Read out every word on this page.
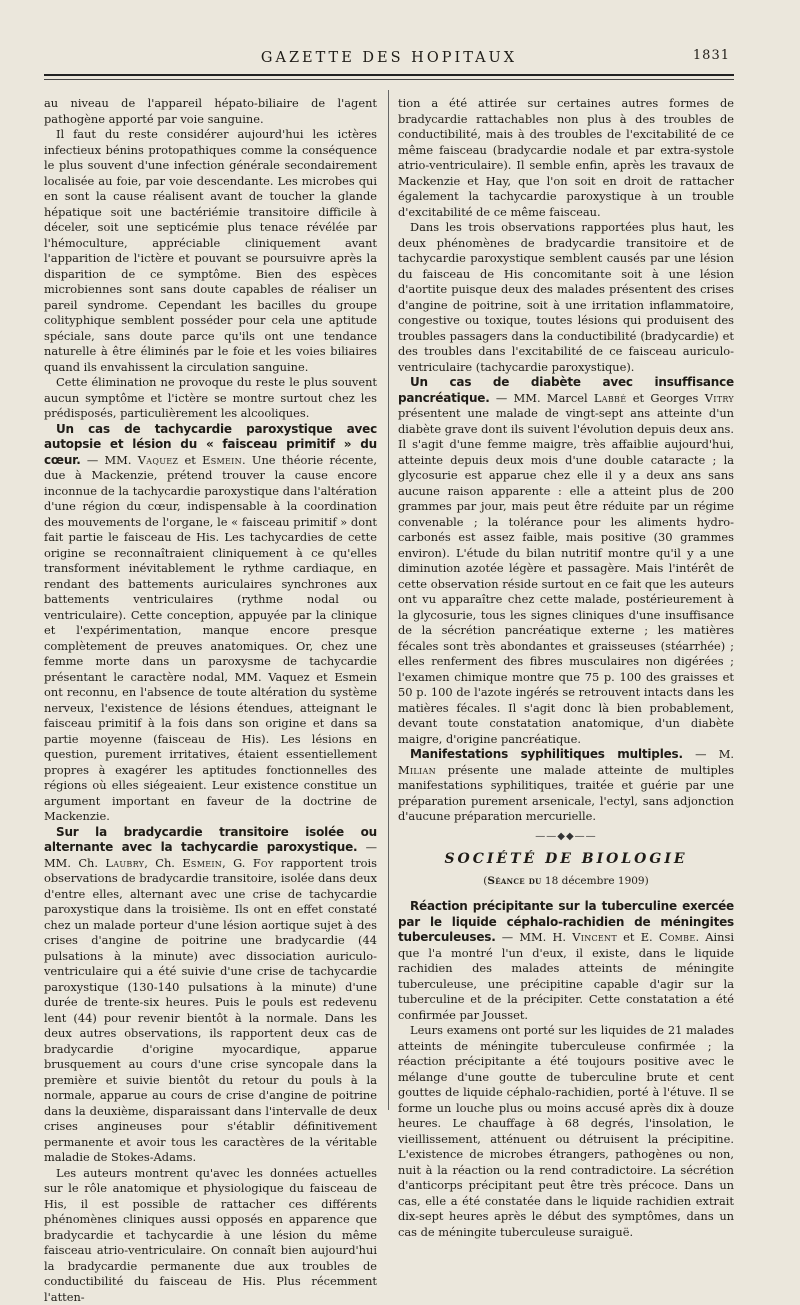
GAZETTE DES HOPITAUX	1831

au niveau de l'appareil hépato-biliaire de l'agent pathogène apporté par voie sanguine.

Il faut du reste considérer aujourd'hui les ictères infectieux bénins protopathiques comme la conséquence le plus souvent d'une infection générale secondairement localisée au foie, par voie descendante. Les microbes qui en sont la cause réalisent avant de toucher la glande hépatique soit une bactériémie transitoire difficile à déceler, soit une septicémie plus tenace révélée par l'hémoculture, appréciable cliniquement avant l'apparition de l'ictère et pouvant se poursuivre après la disparition de ce symptôme. Bien des espèces microbiennes sont sans doute capables de réaliser un pareil syndrome. Cependant les bacilles du groupe colityphique semblent posséder pour cela une aptitude spéciale, sans doute parce qu'ils ont une tendance naturelle à être éliminés par le foie et les voies biliaires quand ils envahissent la circulation sanguine.

Cette élimination ne provoque du reste le plus souvent aucun symptôme et l'ictère se montre surtout chez les prédisposés, particulièrement les alcooliques.

Un cas de tachycardie paroxystique avec autopsie et lésion du « faisceau primitif » du cœur. — MM. Vaquez et Esmein. Une théorie récente, due à Mackenzie, prétend trouver la cause encore inconnue de la tachycardie paroxystique dans l'altération d'une région du cœur, indispensable à la coordination des mouvements de l'organe, le « faisceau primitif » dont fait partie le faisceau de His. Les tachycardies de cette origine se reconnaîtraient cliniquement à ce qu'elles transforment inévitablement le rythme cardiaque, en rendant des battements auriculaires synchrones aux battements ventriculaires (rythme nodal ou ventriculaire). Cette conception, appuyée par la clinique et l'expérimentation, manque encore presque complètement de preuves anatomiques. Or, chez une femme morte dans un paroxysme de tachycardie présentant le caractère nodal, MM. Vaquez et Esmein ont reconnu, en l'absence de toute altération du système nerveux, l'existence de lésions étendues, atteignant le faisceau primitif à la fois dans son origine et dans sa partie moyenne (faisceau de His). Les lésions en question, purement irritatives, étaient essentiellement propres à exagérer les aptitudes fonctionnelles des régions où elles siégeaient. Leur existence constitue un argument important en faveur de la doctrine de Mackenzie.

Sur la bradycardie transitoire isolée ou alternante avec la tachycardie paroxystique. — MM. Ch. Laubry, Ch. Esmein, G. Foy rapportent trois observations de bradycardie transitoire, isolée dans deux d'entre elles, alternant avec une crise de tachycardie paroxystique dans la troisième. Ils ont en effet constaté chez un malade porteur d'une lésion aortique sujet à des crises d'angine de poitrine une bradycardie (44 pulsations à la minute) avec dissociation auriculo-ventriculaire qui a été suivie d'une crise de tachycardie paroxystique (130-140 pulsations à la minute) d'une durée de trente-six heures. Puis le pouls est redevenu lent (44) pour revenir bientôt à la normale. Dans les deux autres observations, ils rapportent deux cas de bradycardie d'origine myocardique, apparue brusquement au cours d'une crise syncopale dans la première et suivie bientôt du retour du pouls à la normale, apparue au cours de crise d'angine de poitrine dans la deuxième, disparaissant dans l'intervalle de deux crises angineuses pour s'établir définitivement permanente et avoir tous les caractères de la véritable maladie de Stokes-Adams.

Les auteurs montrent qu'avec les données actuelles sur le rôle anatomique et physiologique du faisceau de His, il est possible de rattacher ces différents phénomènes cliniques aussi opposés en apparence que bradycardie et tachycardie à une lésion du même faisceau atrio-ventriculaire. On connaît bien aujourd'hui la bradycardie permanente due aux troubles de conductibilité du faisceau de His. Plus récemment l'atten-

tion a été attirée sur certaines autres formes de bradycardie rattachables non plus à des troubles de conductibilité, mais à des troubles de l'excitabilité de ce même faisceau (bradycardie nodale et par extra-systole atrio-ventriculaire). Il semble enfin, après les travaux de Mackenzie et Hay, que l'on soit en droit de rattacher également la tachycardie paroxystique à un trouble d'excitabilité de ce même faisceau.

Dans les trois observations rapportées plus haut, les deux phénomènes de bradycardie transitoire et de tachycardie paroxystique semblent causés par une lésion du faisceau de His concomitante soit à une lésion d'aortite puisque deux des malades présentent des crises d'angine de poitrine, soit à une irritation inflammatoire, congestive ou toxique, toutes lésions qui produisent des troubles passagers dans la conductibilité (bradycardie) et des troubles dans l'excitabilité de ce faisceau auriculo-ventriculaire (tachycardie paroxystique).

Un cas de diabète avec insuffisance pancréatique. — MM. Marcel Labbé et Georges Vitry présentent une malade de vingt-sept ans atteinte d'un diabète grave dont ils suivent l'évolution depuis deux ans. Il s'agit d'une femme maigre, très affaiblie aujourd'hui, atteinte depuis deux mois d'une double cataracte ; la glycosurie est apparue chez elle il y a deux ans sans aucune raison apparente : elle a atteint plus de 200 grammes par jour, mais peut être réduite par un régime convenable ; la tolérance pour les aliments hydro-carbonés est assez faible, mais positive (30 grammes environ). L'étude du bilan nutritif montre qu'il y a une diminution azotée légère et passagère. Mais l'intérêt de cette observation réside surtout en ce fait que les auteurs ont vu apparaître chez cette malade, postérieurement à la glycosurie, tous les signes cliniques d'une insuffisance de la sécrétion pancréatique externe ; les matières fécales sont très abondantes et graisseuses (stéarrhée) ; elles renferment des fibres musculaires non digérées ; l'examen chimique montre que 75 p. 100 des graisses et 50 p. 100 de l'azote ingérés se retrouvent intacts dans les matières fécales. Il s'agit donc là bien probablement, devant toute constatation anatomique, d'un diabète maigre, d'origine pancréatique.

Manifestations syphilitiques multiples. — M. Milian présente une malade atteinte de multiples manifestations syphilitiques, traitée et guérie par une préparation purement arsenicale, l'ectyl, sans adjonction d'aucune préparation mercurielle.

——◆◆——
SOCIÉTÉ DE BIOLOGIE
(Séance du 18 décembre 1909)

Réaction précipitante sur la tuberculine exercée par le liquide céphalo-rachidien de méningites tuberculeuses. — MM. H. Vincent et E. Combe. Ainsi que l'a montré l'un d'eux, il existe, dans le liquide rachidien des malades atteints de méningite tuberculeuse, une précipitine capable d'agir sur la tuberculine et de la précipiter. Cette constatation a été confirmée par Jousset.

Leurs examens ont porté sur les liquides de 21 malades atteints de méningite tuberculeuse confirmée ; la réaction précipitante a été toujours positive avec le mélange d'une goutte de tuberculine brute et cent gouttes de liquide céphalo-rachidien, porté à l'étuve. Il se forme un louche plus ou moins accusé après dix à douze heures. Le chauffage à 68 degrés, l'insolation, le vieillissement, atténuent ou détruisent la précipitine. L'existence de microbes étrangers, pathogènes ou non, nuit à la réaction ou la rend contradictoire. La sécrétion d'anticorps précipitant peut être très précoce. Dans un cas, elle a été constatée dans le liquide rachidien extrait dix-sept heures après le début des symptômes, dans un cas de méningite tuberculeuse suraiguë.
